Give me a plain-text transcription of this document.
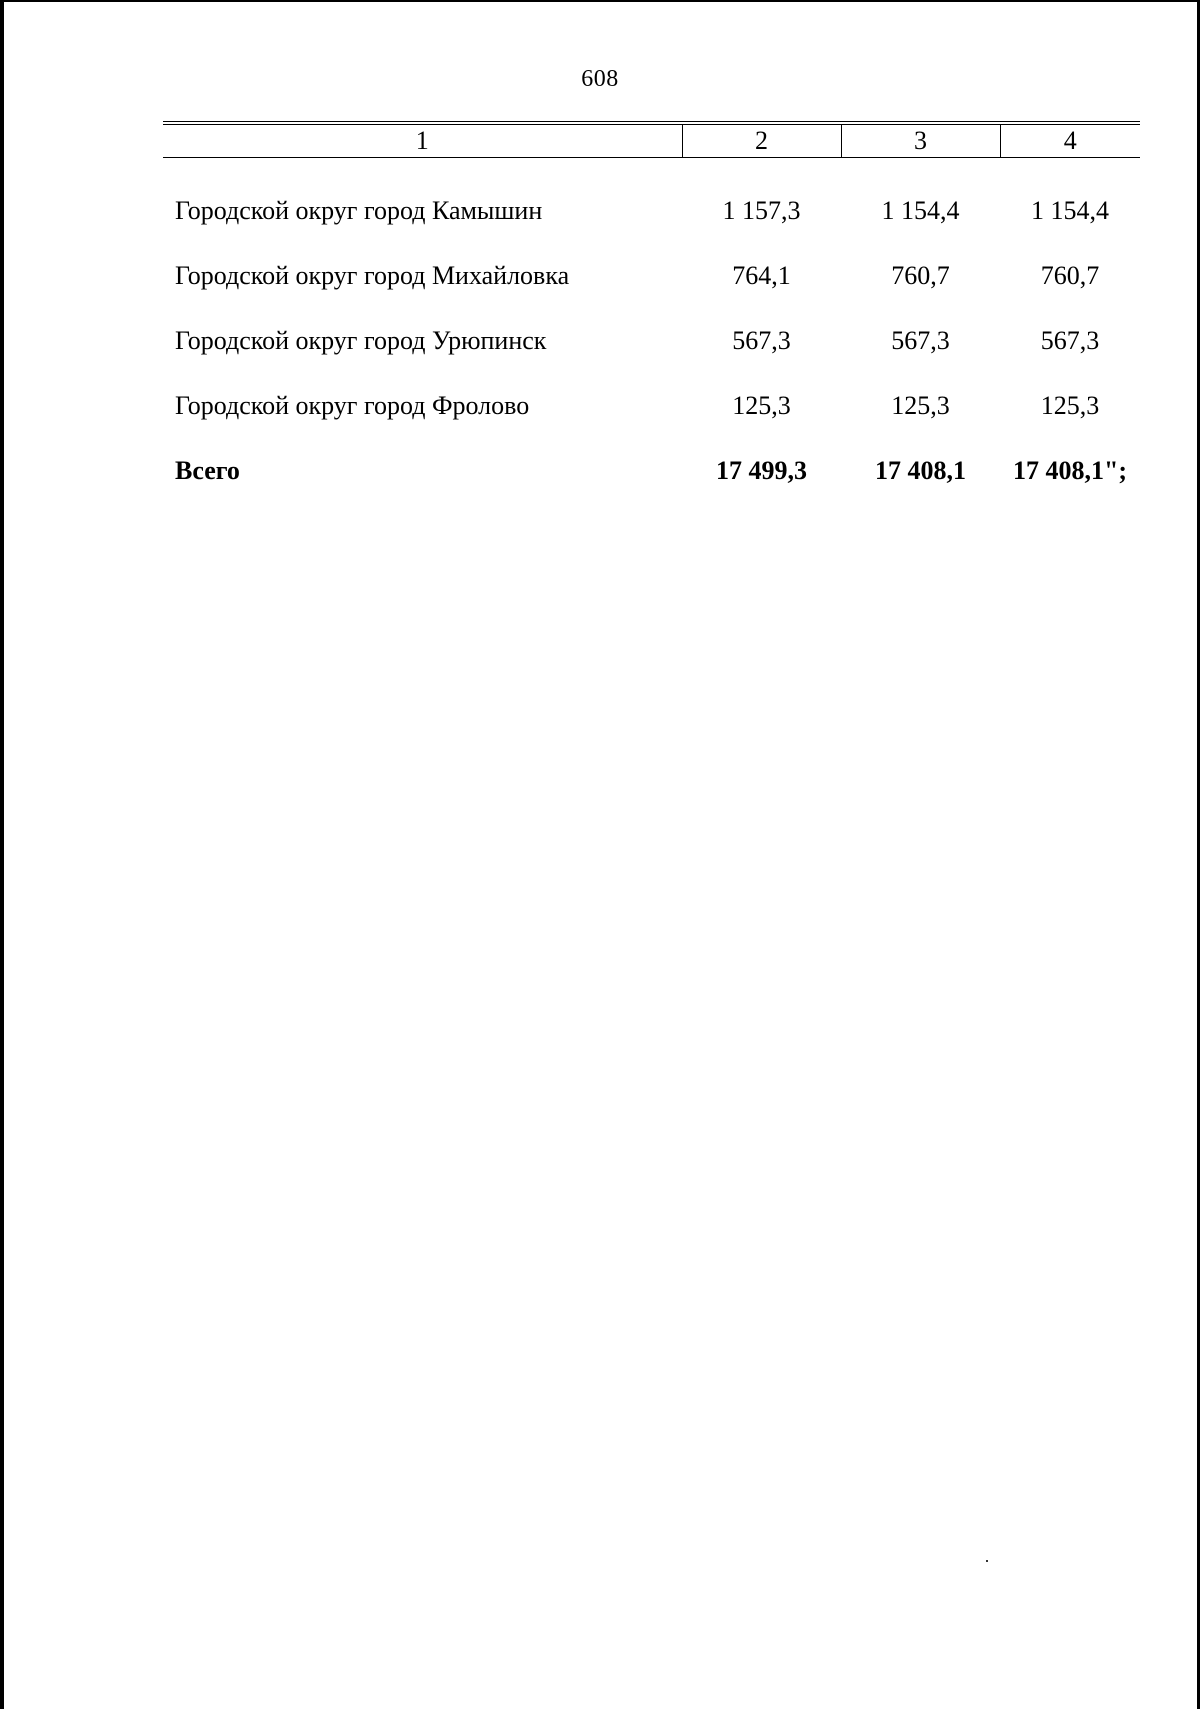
608
1	2	3	4
Городской округ город Камышин	1 157,3	1 154,4	1 154,4
Городской округ город Михайловка	764,1	760,7	760,7
Городской округ город Урюпинск	567,3	567,3	567,3
Городской округ город Фролово	125,3	125,3	125,3
Всего	17 499,3	17 408,1	17 408,1";
